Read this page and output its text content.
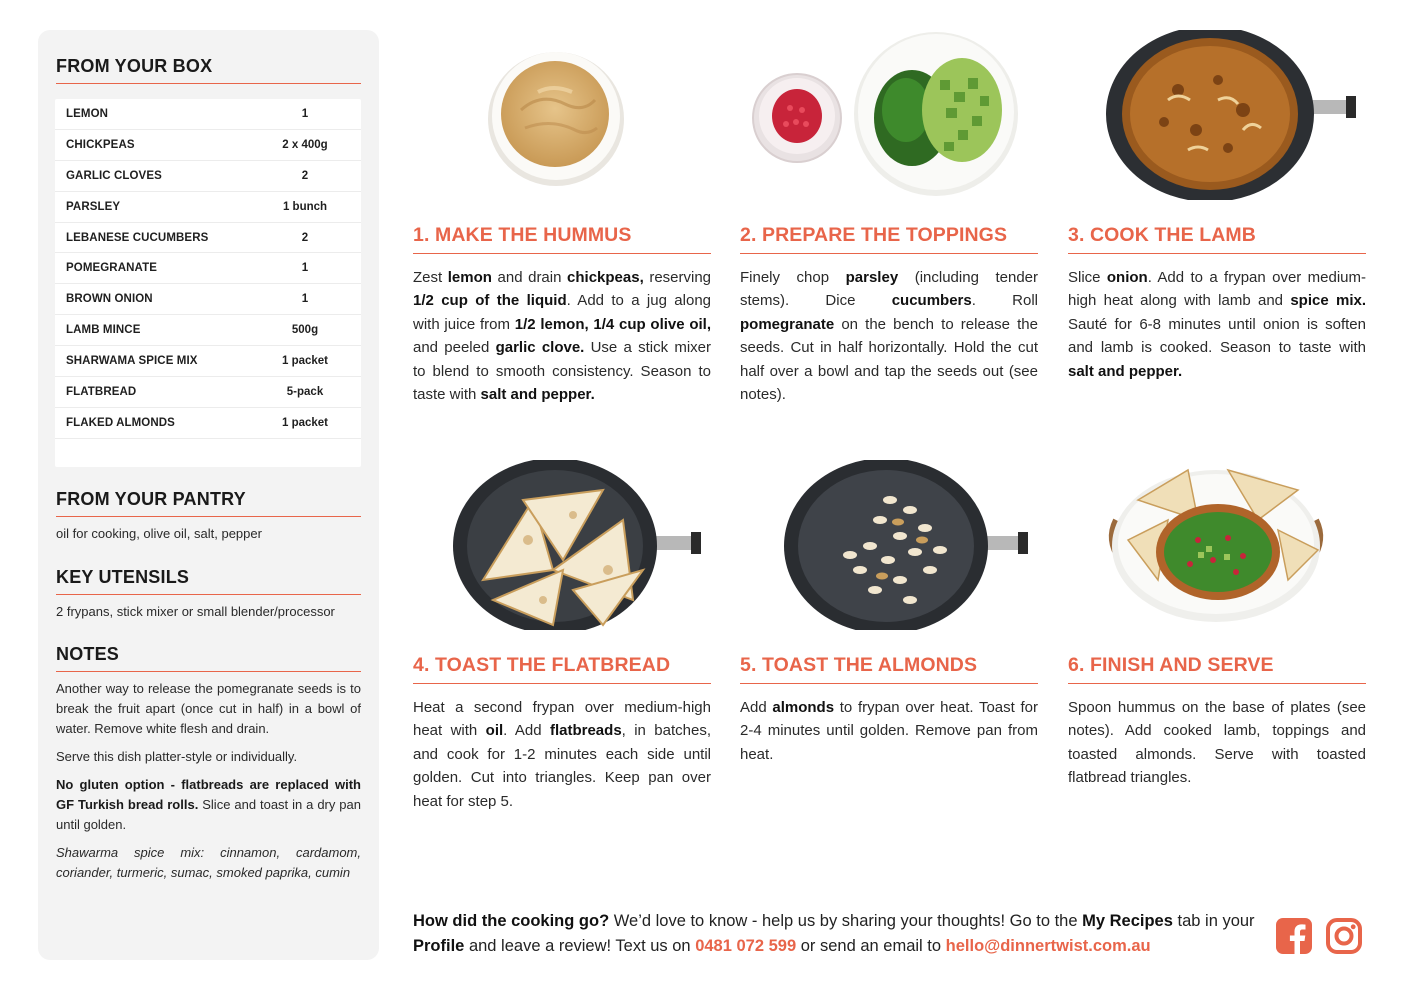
FROM YOUR BOX
LEMON	1
CHICKPEAS	2 x 400g
GARLIC CLOVES	2
PARSLEY	1 bunch
LEBANESE CUCUMBERS	2
POMEGRANATE	1
BROWN ONION	1
LAMB MINCE	500g
SHARWAMA SPICE MIX	1 packet
FLATBREAD	5-pack
FLAKED ALMONDS	1 packet
FROM YOUR PANTRY
oil for cooking, olive oil, salt, pepper
KEY UTENSILS
2 frypans, stick mixer or small blender/processor
NOTES

Another way to release the pomegranate seeds is to break the fruit apart (once cut in half) in a bowl of water. Remove white flesh and drain.

Serve this dish platter-style or individually.

No gluten option - flatbreads are replaced with GF Turkish bread rolls. Slice and toast in a dry pan until golden.

Shawarma spice mix: cinnamon, cardamom, coriander, turmeric, sumac, smoked paprika, cumin

1. MAKE THE HUMMUS
Zest lemon and drain chickpeas, reserving 1/2 cup of the liquid. Add to a jug along with juice from 1/2 lemon, 1/4 cup olive oil, and peeled garlic clove. Use a stick mixer to blend to smooth consistency. Season to taste with salt and pepper.
2. PREPARE THE TOPPINGS
Finely chop parsley (including tender stems). Dice cucumbers. Roll pomegranate on the bench to release the seeds. Cut in half horizontally. Hold the cut half over a bowl and tap the seeds out (see notes).
3. COOK THE LAMB
Slice onion. Add to a frypan over medium-high heat along with lamb and spice mix. Sauté for 6-8 minutes until onion is soften and lamb is cooked. Season to taste with salt and pepper.
4. TOAST THE FLATBREAD
Heat a second frypan over medium-high heat with oil. Add flatbreads, in batches, and cook for 1-2 minutes each side until golden. Cut into triangles. Keep pan over heat for step 5.
5. TOAST THE ALMONDS
Add almonds to frypan over heat. Toast for 2-4 minutes until golden. Remove pan from heat.
6. FINISH AND SERVE
Spoon hummus on the base of plates (see notes). Add cooked lamb, toppings and toasted almonds. Serve with toasted flatbread triangles.
How did the cooking go? We’d love to know - help us by sharing your thoughts! Go to the My Recipes tab in your Profile and leave a review! Text us on 0481 072 599 or send an email to hello@dinnertwist.com.au
